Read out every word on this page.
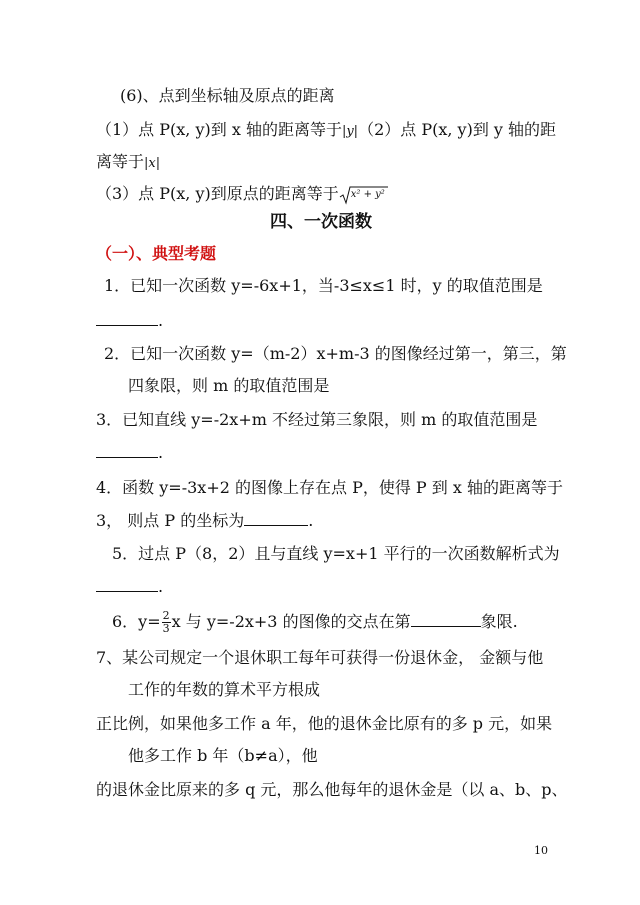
(6)、点到坐标轴及原点的距离
（1）点 P(x, y)到 x 轴的距离等于|y|（2）点 P(x, y)到 y 轴的距
离等于|x|
（3）点 P(x, y)到原点的距离等于 x² + y²
四、一次函数
（一）、典型考题
1．已知一次函数 y=-6x+1，当-3≤x≤1 时，y 的取值范围是
.
2．已知一次函数 y=（m-2）x+m-3 的图像经过第一，第三，第
四象限，则 m 的取值范围是
3．已知直线 y=-2x+m 不经过第三象限，则 m 的取值范围是
.
4．函数 y=-3x+2 的图像上存在点 P，使得 P 到 x 轴的距离等于
3， 则点 P 的坐标为	.
5．过点 P（8，2）且与直线 y=x+1 平行的一次函数解析式为
.
6．$y= \frac{2}{3}$ x 与 y=-2x+3 的图像的交点在第	象限.
7、某公司规定一个退休职工每年可获得一份退休金， 金额与他
工作的年数的算术平方根成
正比例，如果他多工作 a 年，他的退休金比原有的多 p 元，如果
他多工作 b 年（b≠a），他
的退休金比原来的多 q 元，那么他每年的退休金是（以 a、b、p、
10
